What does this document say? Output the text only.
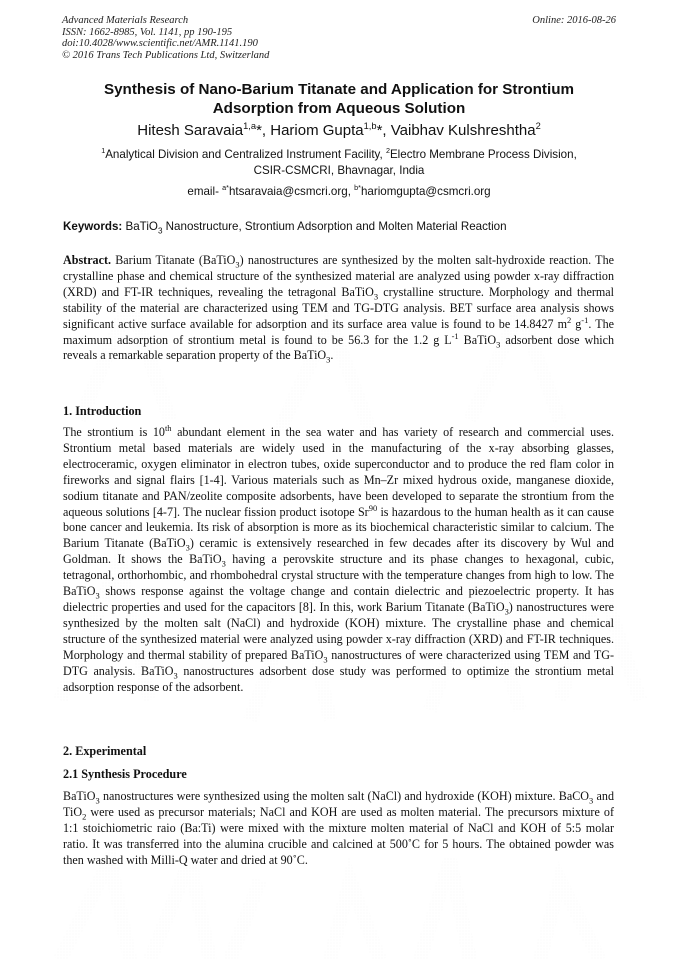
Advanced Materials Research
ISSN: 1662-8985, Vol. 1141, pp 190-195
doi:10.4028/www.scientific.net/AMR.1141.190
© 2016 Trans Tech Publications Ltd, Switzerland
Online: 2016-08-26
Synthesis of Nano-Barium Titanate and Application for Strontium
Adsorption from Aqueous Solution
Hitesh Saravaia$^{1,a}$*, Hariom Gupta$^{1,b}$*, Vaibhav Kulshreshtha$^2$
$^1$Analytical Division and Centralized Instrument Facility, $^2$Electro Membrane Process Division,
CSIR-CSMCRI, Bhavnagar, India
email- $^{a*}$htsaravaia@csmcri.org, $^{b*}$hariomgupta@csmcri.org
Keywords: BaTiO$_3$ Nanostructure, Strontium Adsorption and Molten Material Reaction
Abstract. Barium Titanate (BaTiO$_3$) nanostructures are synthesized by the molten salt-hydroxide reaction. The crystalline phase and chemical structure of the synthesized material are analyzed using powder x-ray diffraction (XRD) and FT-IR techniques, revealing the tetragonal BaTiO$_3$ crystalline structure. Morphology and thermal stability of the material are characterized using TEM and TG-DTG analysis. BET surface area analysis shows significant active surface available for adsorption and its surface area value is found to be 14.8427 $m^2$ $g^{-1}$. The maximum adsorption of strontium metal is found to be 56.3 for the 1.2 g $L^{-1}$ BaTiO$_3$ adsorbent dose which reveals a remarkable separation property of the BaTiO$_3$.
1. Introduction
The strontium is 10th abundant element in the sea water and has variety of research and commercial uses. Strontium metal based materials are widely used in the manufacturing of the x-ray absorbing glasses, electroceramic, oxygen eliminator in electron tubes, oxide superconductor and to produce the red flam color in fireworks and signal flairs [1-4]. Various materials such as Mn–Zr mixed hydrous oxide, manganese dioxide, sodium titanate and PAN/zeolite composite adsorbents, have been developed to separate the strontium from the aqueous solutions [4-7]. The nuclear fission product isotope Sr$^{90}$ is hazardous to the human health as it can cause bone cancer and leukemia. Its risk of absorption is more as its biochemical characteristic similar to calcium. The Barium Titanate (BaTiO$_3$) ceramic is extensively researched in few decades after its discovery by Wul and Goldman. It shows the BaTiO$_3$ having a perovskite structure and its phase changes to hexagonal, cubic, tetragonal, orthorhombic, and rhombohedral crystal structure with the temperature changes from high to low. The BaTiO$_3$ shows response against the voltage change and contain dielectric and piezoelectric property. It has dielectric properties and used for the capacitors [8]. In this, work Barium Titanate (BaTiO$_3$) nanostructures were synthesized by the molten salt (NaCl) and hydroxide (KOH) mixture. The crystalline phase and chemical structure of the synthesized material were analyzed using powder x-ray diffraction (XRD) and FT-IR techniques. Morphology and thermal stability of prepared BaTiO$_3$ nanostructures of were characterized using TEM and TG-DTG analysis. BaTiO$_3$ nanostructures adsorbent dose study was performed to optimize the strontium metal adsorption response of the adsorbent.
2. Experimental
2.1 Synthesis Procedure
BaTiO$_3$ nanostructures were synthesized using the molten salt (NaCl) and hydroxide (KOH) mixture. BaCO$_3$ and TiO$_2$ were used as precursor materials; NaCl and KOH are used as molten material. The precursors mixture of 1:1 stoichiometric raio (Ba:Ti) were mixed with the mixture molten material of NaCl and KOH of 5:5 molar ratio. It was transferred into the alumina crucible and calcined at 500˚C for 5 hours. The obtained powder was then washed with Milli-Q water and dried at 90˚C.
